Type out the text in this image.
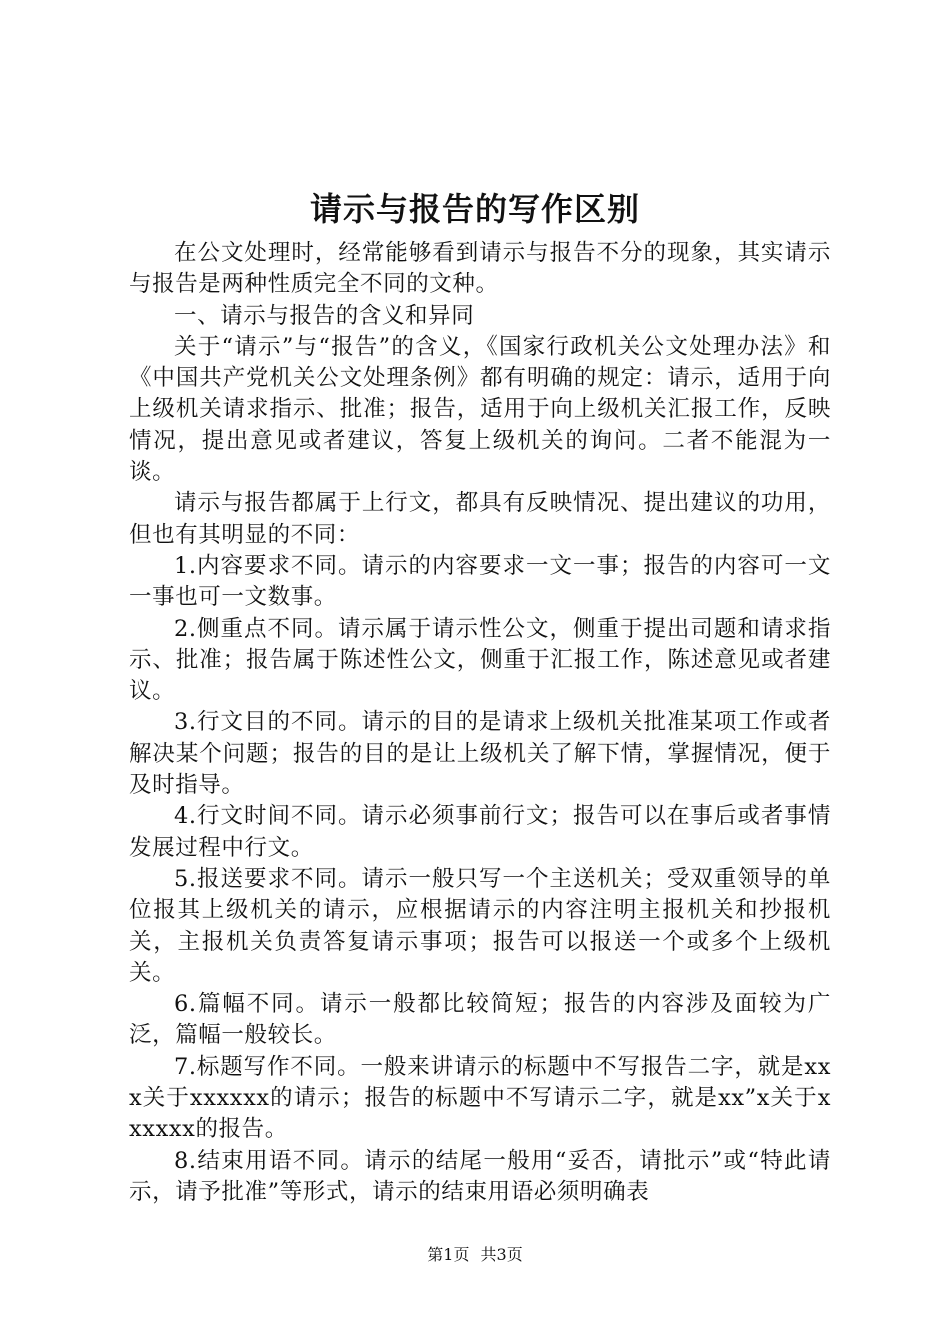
请示与报告的写作区别

在公文处理时，经常能够看到请示与报告不分的现象，其实请示与报告是两种性质完全不同的文种。

一、请示与报告的含义和异同

关于“请示”与“报告”的含义，《国家行政机关公文处理办法》和《中国共产党机关公文处理条例》都有明确的规定：请示，适用于向上级机关请求指示、批准；报告，适用于向上级机关汇报工作，反映情况，提出意见或者建议，答复上级机关的询问。二者不能混为一谈。

请示与报告都属于上行文，都具有反映情况、提出建议的功用，但也有其明显的不同：

1.内容要求不同。请示的内容要求一文一事；报告的内容可一文一事也可一文数事。

2.侧重点不同。请示属于请示性公文，侧重于提出司题和请求指示、批准；报告属于陈述性公文，侧重于汇报工作，陈述意见或者建议。

3.行文目的不同。请示的目的是请求上级机关批准某项工作或者解决某个问题；报告的目的是让上级机关了解下情，掌握情况，便于及时指导。

4.行文时间不同。请示必须事前行文；报告可以在事后或者事情发展过程中行文。

5.报送要求不同。请示一般只写一个主送机关；受双重领导的单位报其上级机关的请示，应根据请示的内容注明主报机关和抄报机关，主报机关负责答复请示事项；报告可以报送一个或多个上级机关。

6.篇幅不同。请示一般都比较简短；报告的内容涉及面较为广泛，篇幅一般较长。

7.标题写作不同。一般来讲请示的标题中不写报告二字，就是xxx关于xxxxxx的请示；报告的标题中不写请示二字，就是xx”x关于xxxxxx的报告。

8.结束用语不同。请示的结尾一般用“妥否，请批示”或“特此请示，请予批准”等形式，请示的结束用语必须明确表

第1页 共3页
